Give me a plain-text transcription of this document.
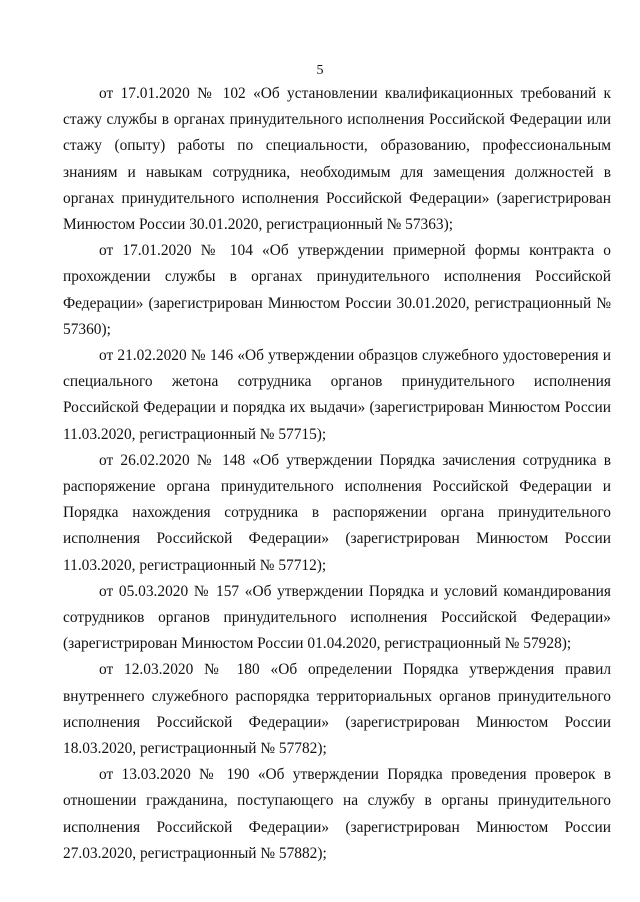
5

от 17.01.2020 № 102 «Об установлении квалификационных требований к стажу службы в органах принудительного исполнения Российской Федерации или стажу (опыту) работы по специальности, образованию, профессиональным знаниям и навыкам сотрудника, необходимым для замещения должностей в органах принудительного исполнения Российской Федерации» (зарегистрирован Минюстом России 30.01.2020, регистрационный № 57363);

от 17.01.2020 № 104 «Об утверждении примерной формы контракта о прохождении службы в органах принудительного исполнения Российской Федерации» (зарегистрирован Минюстом России 30.01.2020, регистрационный № 57360);

от 21.02.2020 № 146 «Об утверждении образцов служебного удостоверения и специального жетона сотрудника органов принудительного исполнения Российской Федерации и порядка их выдачи» (зарегистрирован Минюстом России 11.03.2020, регистрационный № 57715);

от 26.02.2020 № 148 «Об утверждении Порядка зачисления сотрудника в распоряжение органа принудительного исполнения Российской Федерации и Порядка нахождения сотрудника в распоряжении органа принудительного исполнения Российской Федерации» (зарегистрирован Минюстом России 11.03.2020, регистрационный № 57712);

от 05.03.2020 № 157 «Об утверждении Порядка и условий командирования сотрудников органов принудительного исполнения Российской Федерации» (зарегистрирован Минюстом России 01.04.2020, регистрационный № 57928);

от 12.03.2020 № 180 «Об определении Порядка утверждения правил внутреннего служебного распорядка территориальных органов принудительного исполнения Российской Федерации» (зарегистрирован Минюстом России 18.03.2020, регистрационный № 57782);

от 13.03.2020 № 190 «Об утверждении Порядка проведения проверок в отношении гражданина, поступающего на службу в органы принудительного исполнения Российской Федерации» (зарегистрирован Минюстом России 27.03.2020, регистрационный № 57882);
